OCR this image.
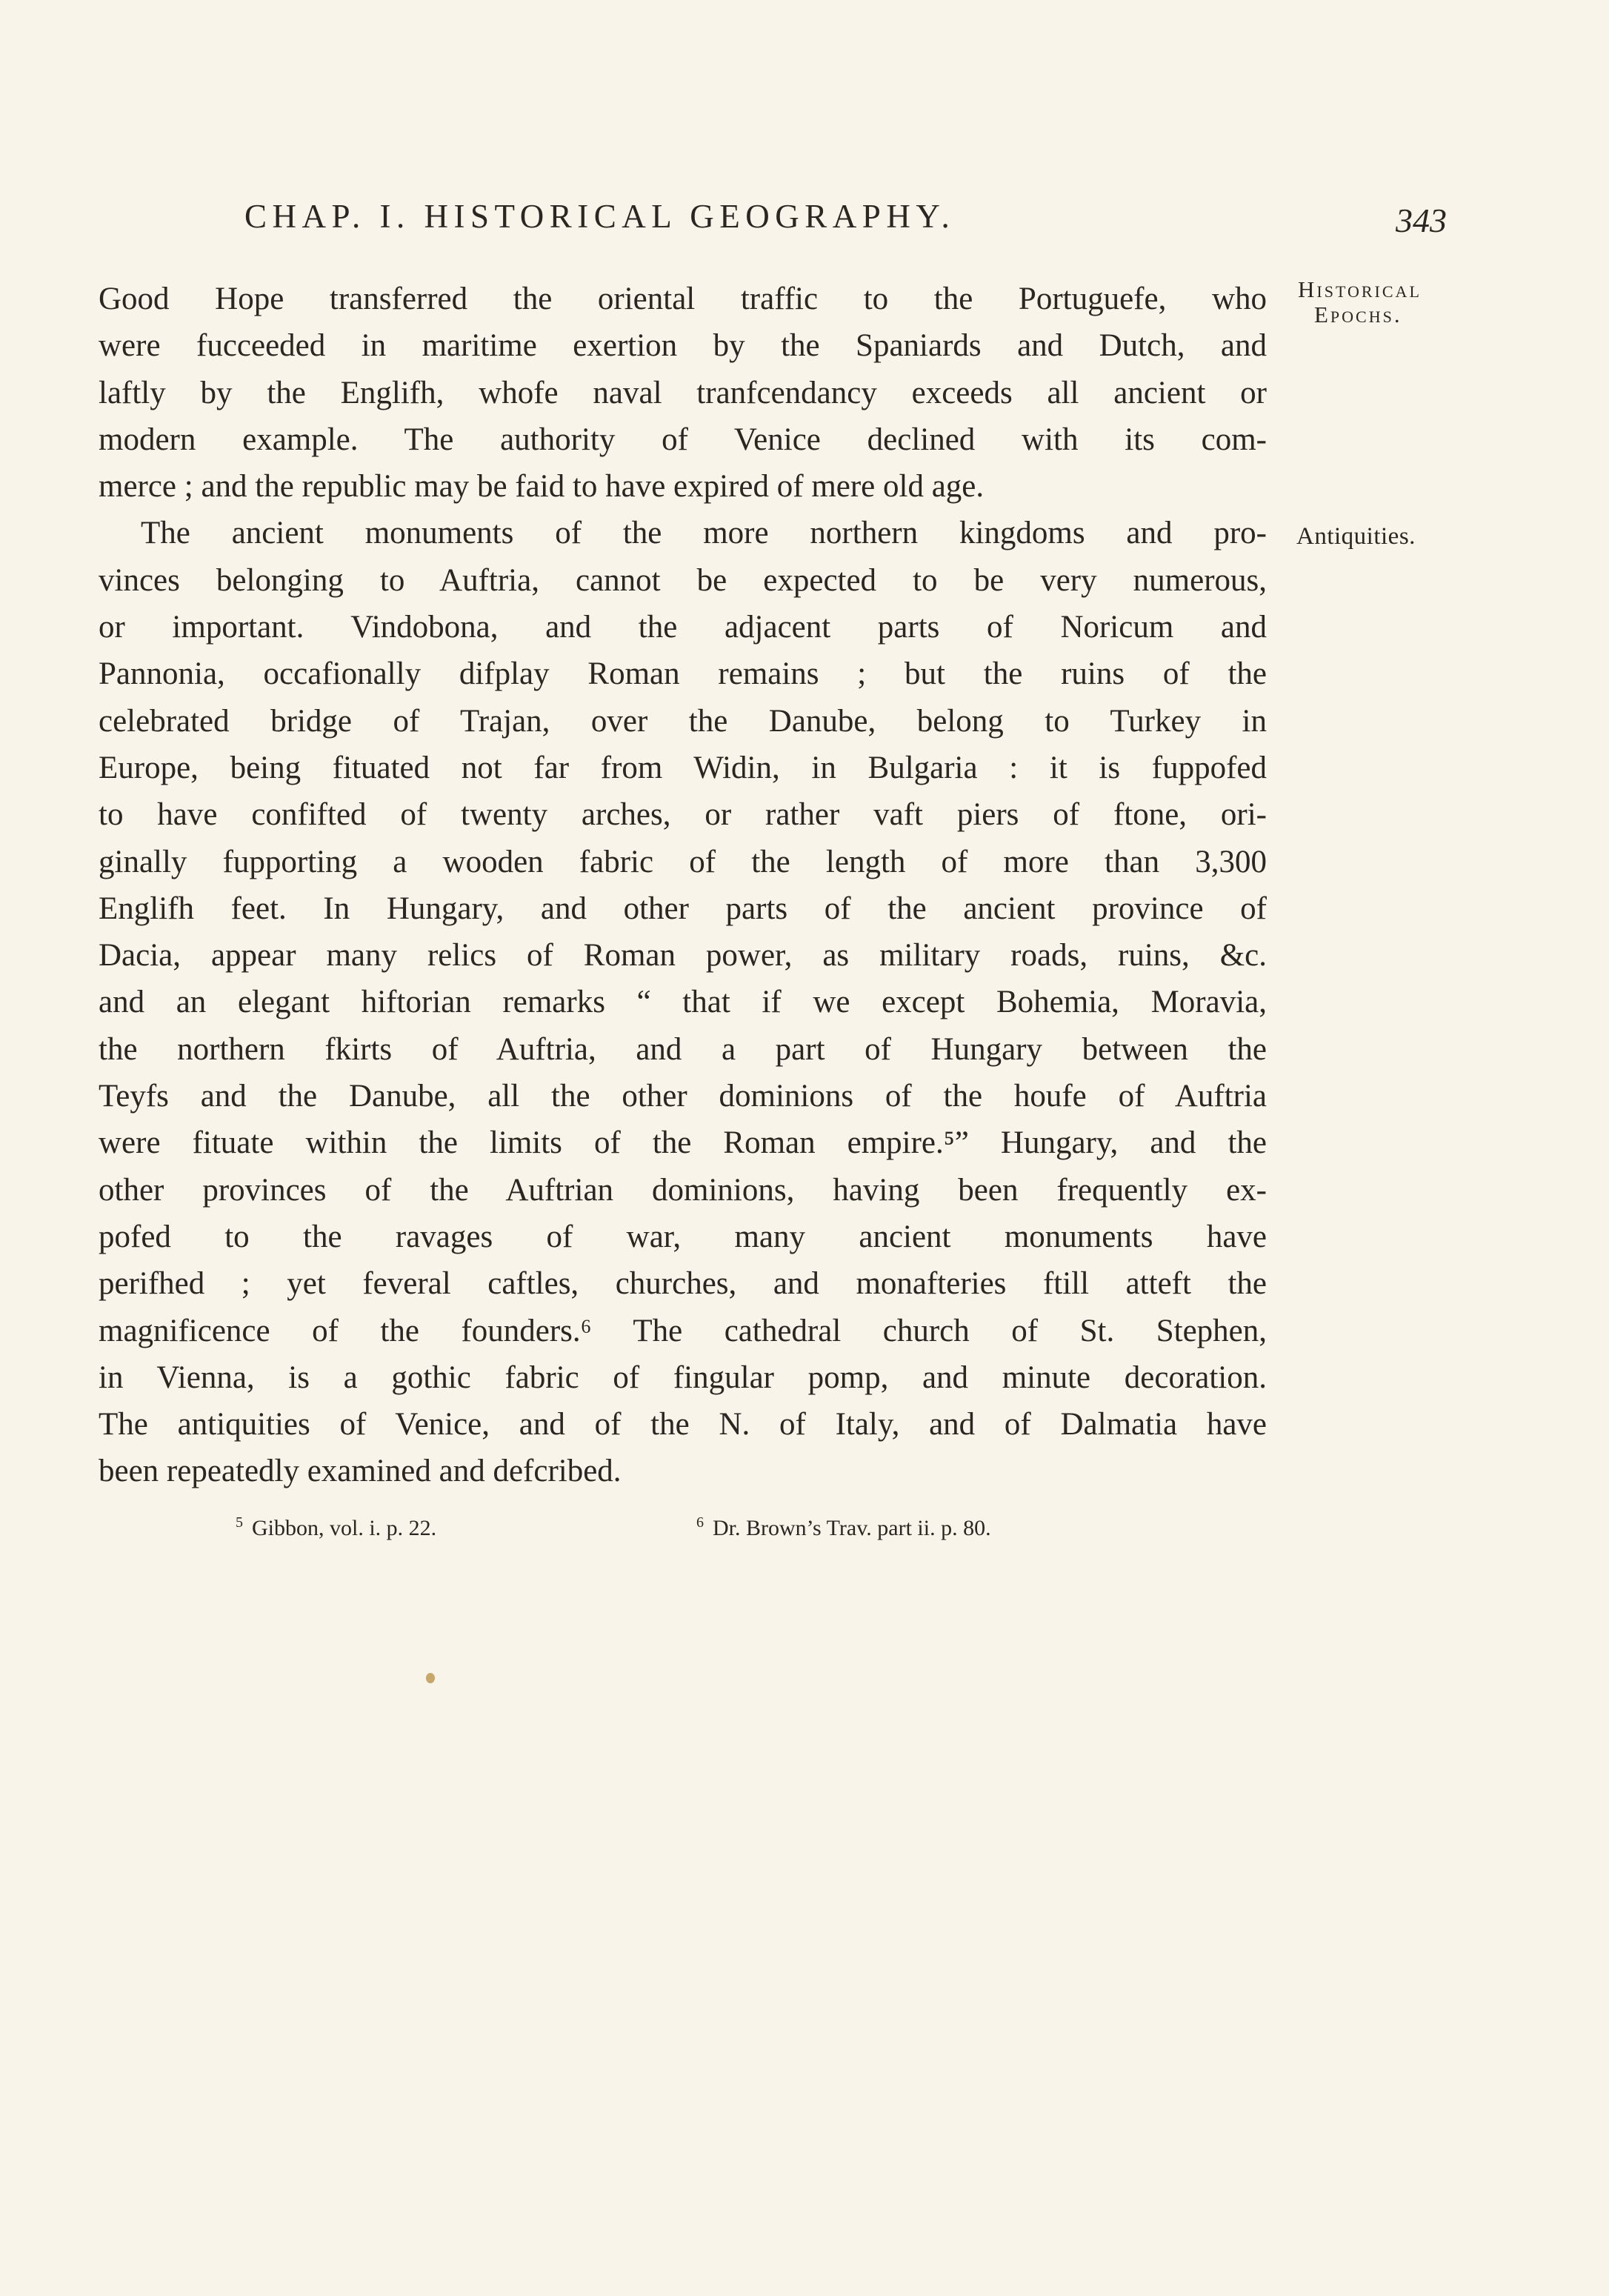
CHAP. I. HISTORICAL GEOGRAPHY.	343
Historical
Epochs.
Antiquities.
Good Hope transferred the oriental traffic to the Portuguefe, who
were fucceeded in maritime exertion by the Spaniards and Dutch, and
laftly by the Englifh, whofe naval tranfcendancy exceeds all ancient or
modern example. The authority of Venice declined with its com-
merce ; and the republic may be faid to have expired of mere old age.
The ancient monuments of the more northern kingdoms and pro-
vinces belonging to Auftria, cannot be expected to be very numerous,
or important. Vindobona, and the adjacent parts of Noricum and
Pannonia, occafionally difplay Roman remains ; but the ruins of the
celebrated bridge of Trajan, over the Danube, belong to Turkey in
Europe, being fituated not far from Widin, in Bulgaria : it is fuppofed
to have confifted of twenty arches, or rather vaft piers of ftone, ori-
ginally fupporting a wooden fabric of the length of more than 3,300
Englifh feet. In Hungary, and other parts of the ancient province of
Dacia, appear many relics of Roman power, as military roads, ruins, &c.
and an elegant hiftorian remarks “ that if we except Bohemia, Moravia,
the northern fkirts of Auftria, and a part of Hungary between the
Teyfs and the Danube, all the other dominions of the houfe of Auftria
were fituate within the limits of the Roman empire.⁵” Hungary, and the
other provinces of the Auftrian dominions, having been frequently ex-
pofed to the ravages of war, many ancient monuments have
perifhed ; yet feveral caftles, churches, and monafteries ftill atteft the
magnificence of the founders.⁶ The cathedral church of St. Stephen,
in Vienna, is a gothic fabric of fingular pomp, and minute decoration.
The antiquities of Venice, and of the N. of Italy, and of Dalmatia have
been repeatedly examined and defcribed.
$^5$ Gibbon, vol. i. p. 22.	$^6$ Dr. Brown’s Trav. part ii. p. 80.
